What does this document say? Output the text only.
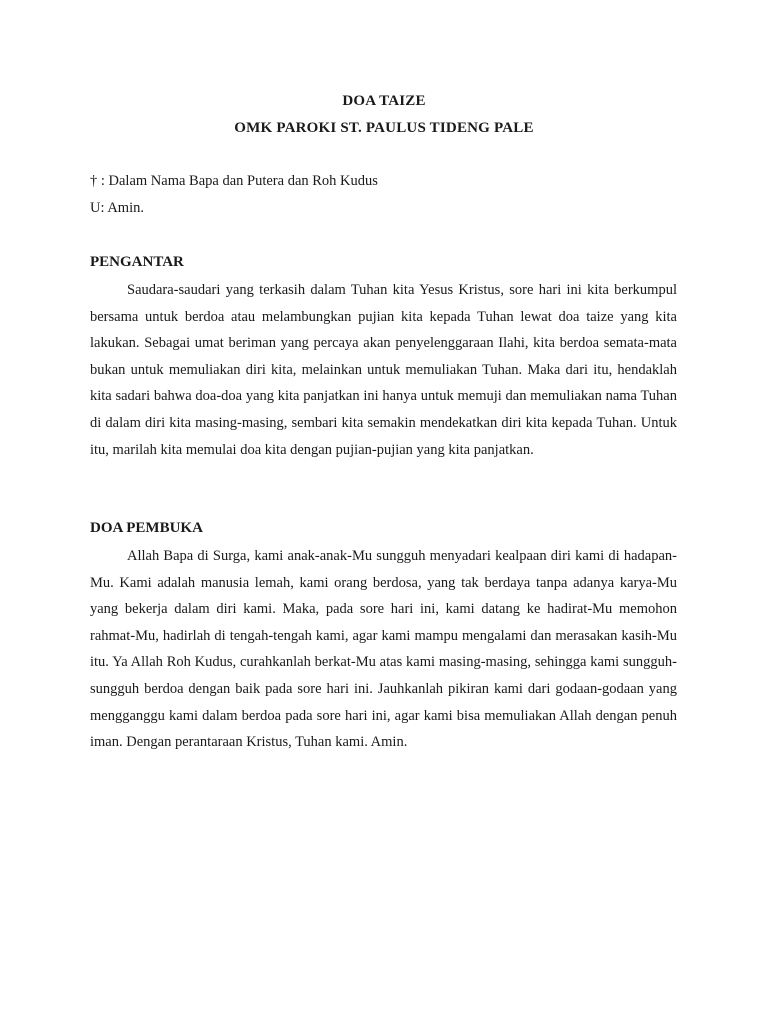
DOA TAIZE
OMK PAROKI ST. PAULUS TIDENG PALE
† : Dalam Nama Bapa dan Putera dan Roh Kudus
U: Amin.
PENGANTAR

Saudara-saudari yang terkasih dalam Tuhan kita Yesus Kristus, sore hari ini kita berkumpul bersama untuk berdoa atau melambungkan pujian kita kepada Tuhan lewat doa taize yang kita lakukan. Sebagai umat beriman yang percaya akan penyelenggaraan Ilahi, kita berdoa semata-mata bukan untuk memuliakan diri kita, melainkan untuk memuliakan Tuhan. Maka dari itu, hendaklah kita sadari bahwa doa-doa yang kita panjatkan ini hanya untuk memuji dan memuliakan nama Tuhan di dalam diri kita masing-masing, sembari kita semakin mendekatkan diri kita kepada Tuhan. Untuk itu, marilah kita memulai doa kita dengan pujian-pujian yang kita panjatkan.

DOA PEMBUKA

Allah Bapa di Surga, kami anak-anak-Mu sungguh menyadari kealpaan diri kami di hadapan-Mu. Kami adalah manusia lemah, kami orang berdosa, yang tak berdaya tanpa adanya karya-Mu yang bekerja dalam diri kami. Maka, pada sore hari ini, kami datang ke hadirat-Mu memohon rahmat-Mu, hadirlah di tengah-tengah kami, agar kami mampu mengalami dan merasakan kasih-Mu itu. Ya Allah Roh Kudus, curahkanlah berkat-Mu atas kami masing-masing, sehingga kami sungguh-sungguh berdoa dengan baik pada sore hari ini. Jauhkanlah pikiran kami dari godaan-godaan yang mengganggu kami dalam berdoa pada sore hari ini, agar kami bisa memuliakan Allah dengan penuh iman. Dengan perantaraan Kristus, Tuhan kami. Amin.
